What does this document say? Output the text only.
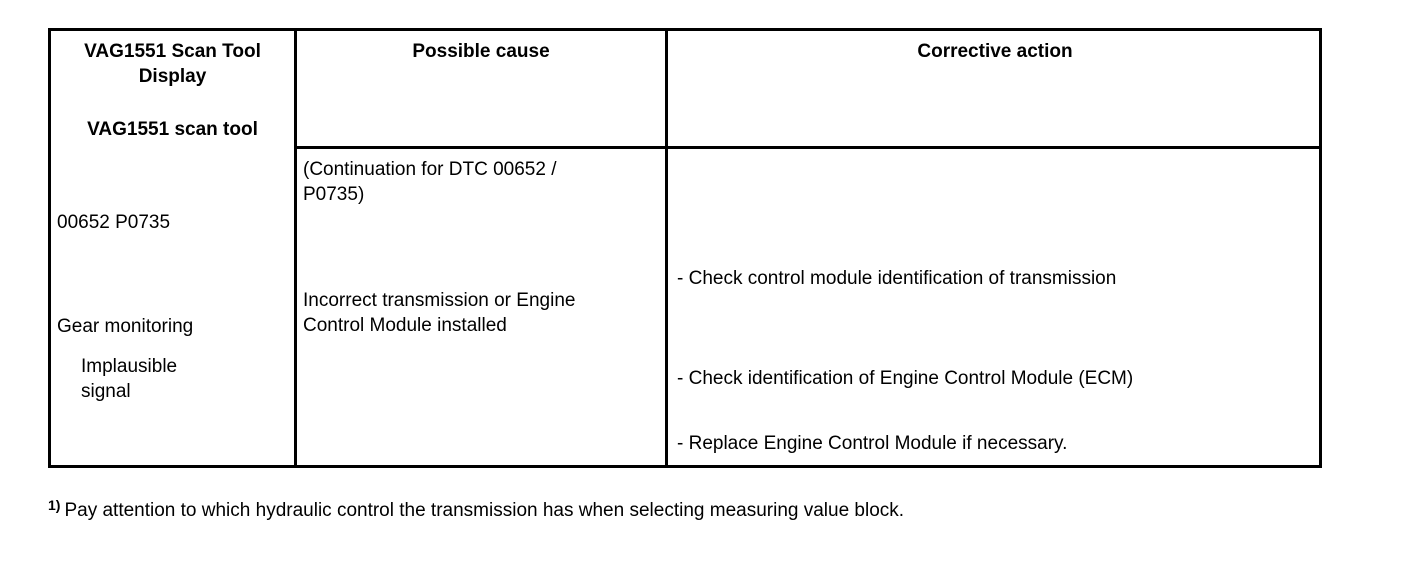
VAG1551 Scan Tool
Display
VAG1551 scan tool
Possible cause	Corrective action
00652 P0735
Gear monitoring
Implausible
signal
(Continuation for DTC 00652 /
P0735)
Incorrect transmission or Engine
Control Module installed
- Check control module identification of transmission
- Check identification of Engine Control Module (ECM)
- Replace Engine Control Module if necessary.
$^{1)}$ Pay attention to which hydraulic control the transmission has when selecting measuring value block.
